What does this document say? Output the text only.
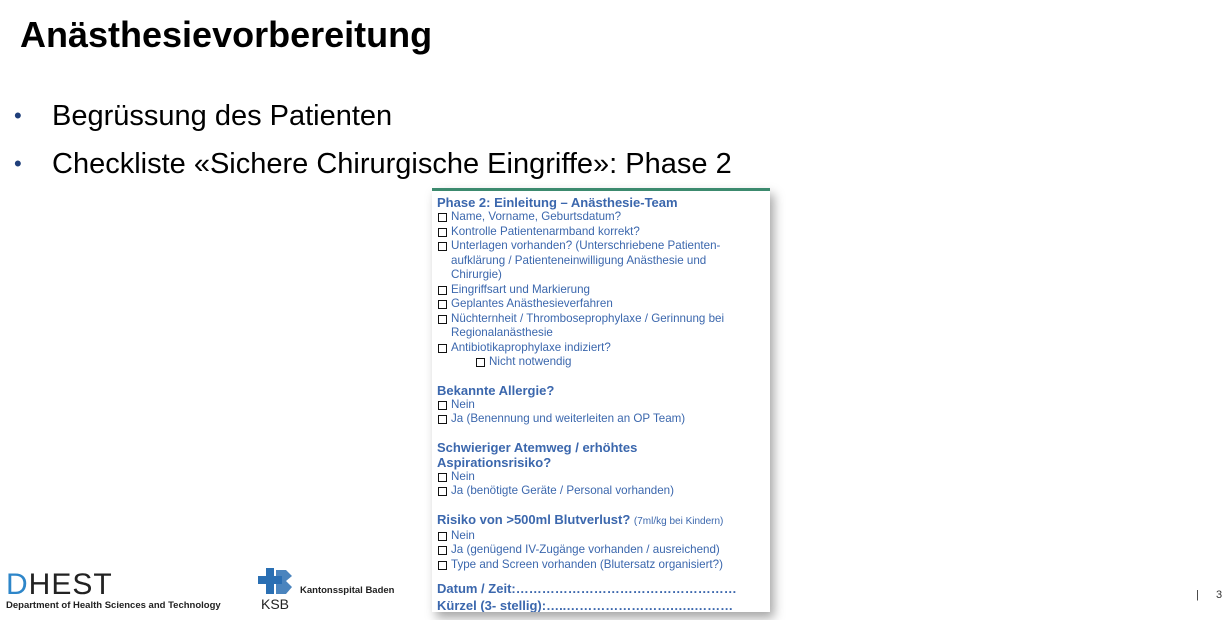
Anästhesievorbereitung
• Begrüssung des Patienten
• Checkliste «Sichere Chirurgische Eingriffe»: Phase 2
Phase 2: Einleitung – Anästhesie-Team
Name, Vorname, Geburtsdatum?
Kontrolle Patientenarmband korrekt?
Unterlagen vorhanden? (Unterschriebene Patienten-
aufklärung / Patienteneinwilligung Anästhesie und
Chirurgie)
Eingriffsart und Markierung
Geplantes Anästhesieverfahren
Nüchternheit / Thromboseprophylaxe / Gerinnung bei
Regionalanästhesie
Antibiotikaprophylaxe indiziert?
Nicht notwendig
Bekannte Allergie?
Nein
Ja (Benennung und weiterleiten an OP Team)
Schwieriger Atemweg / erhöhtes
Aspirationsrisiko?
Nein
Ja (benötigte Geräte / Personal vorhanden)
Risiko von >500ml Blutverlust? (7ml/kg bei Kindern)
Nein
Ja (genügend IV-Zugänge vorhanden / ausreichend)
Type and Screen vorhanden (Blutersatz organisiert?)
Datum / Zeit:……………………………………………
Kürzel (3- stellig):…..…………………….…..………
DHEST
Department of Health Sciences and Technology	KSB
Kantonsspital Baden	| 3
